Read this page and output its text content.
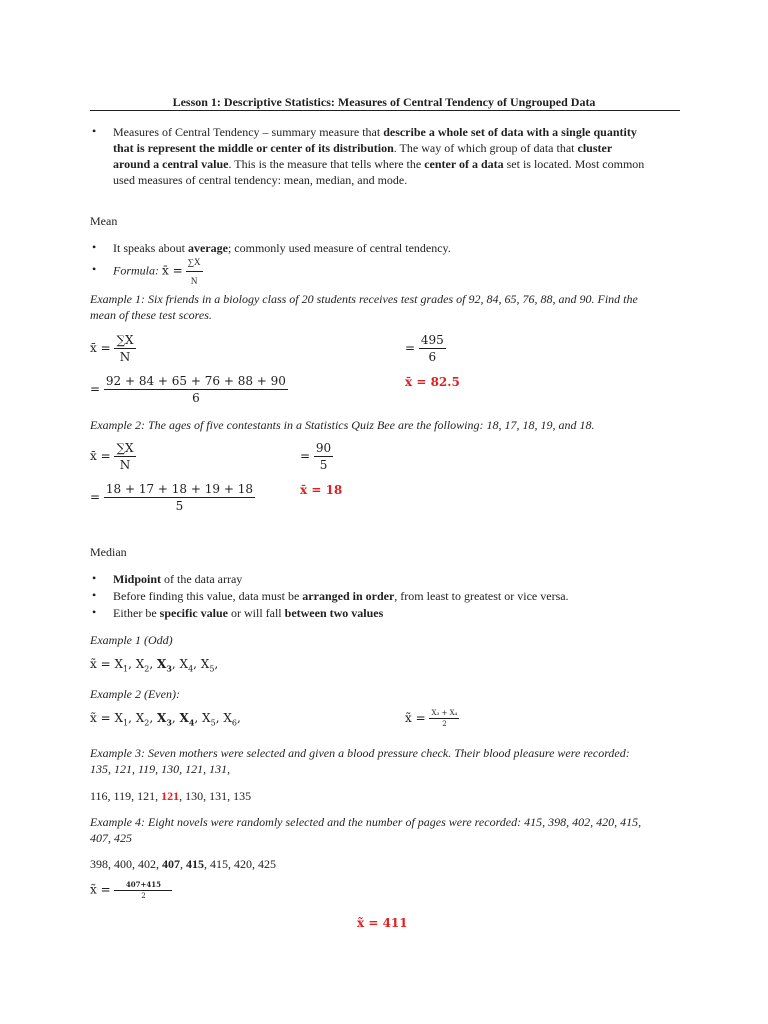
Lesson 1: Descriptive Statistics: Measures of Central Tendency of Ungrouped Data
• Measures of Central Tendency – summary measure that describe a whole set of data with a single quantity
that is represent the middle or center of its distribution. The way of which group of data that cluster
around a central value. This is the measure that tells where the center of a data set is located. Most common
used measures of central tendency: mean, median, and mode.
Mean
• It speaks about average; commonly used measure of central tendency.
• Formula: x̄ = $\frac{\sum X}{N}$
Example 1: Six friends in a biology class of 20 students receives test grades of 92, 84, 65, 76, 88, and 90. Find the
mean of these test scores.
x̄ = $\frac{\sum X}{N}$	= $\frac{495}{6}$
= $\frac{92 + 84 + 65 + 76 + 88 + 90}{6}$	x̄ = 82.5
Example 2: The ages of five contestants in a Statistics Quiz Bee are the following: 18, 17, 18, 19, and 18.
x̄ = $\frac{\sum X}{N}$	= $\frac{90}{5}$
= $\frac{18 + 17 + 18 + 19 + 18}{5}$	x̄ = 18
Median
• Midpoint of the data array
• Before finding this value, data must be arranged in order, from least to greatest or vice versa.
• Either be specific value or will fall between two values
Example 1 (Odd)
x̃ = $X_1$, $X_2$, $X_3$, $X_4$, $X_5$,
Example 2 (Even):
x̃ = $X_1$, $X_2$, $X_3$, $X_4$, $X_5$, $X_6$,	x̃ = $\frac{\text{X₃ + X₄}}{2}$
Example 3: Seven mothers were selected and given a blood pressure check. Their blood pleasure were recorded:
135, 121, 119, 130, 121, 131,
116, 119, 121, 121, 130, 131, 135
Example 4: Eight novels were randomly selected and the number of pages were recorded: 415, 398, 402, 420, 415,
407, 425
398, 400, 402, 407, 415, 415, 420, 425
x̃ = $\frac{407+415}{2}$
x̃ = 411
